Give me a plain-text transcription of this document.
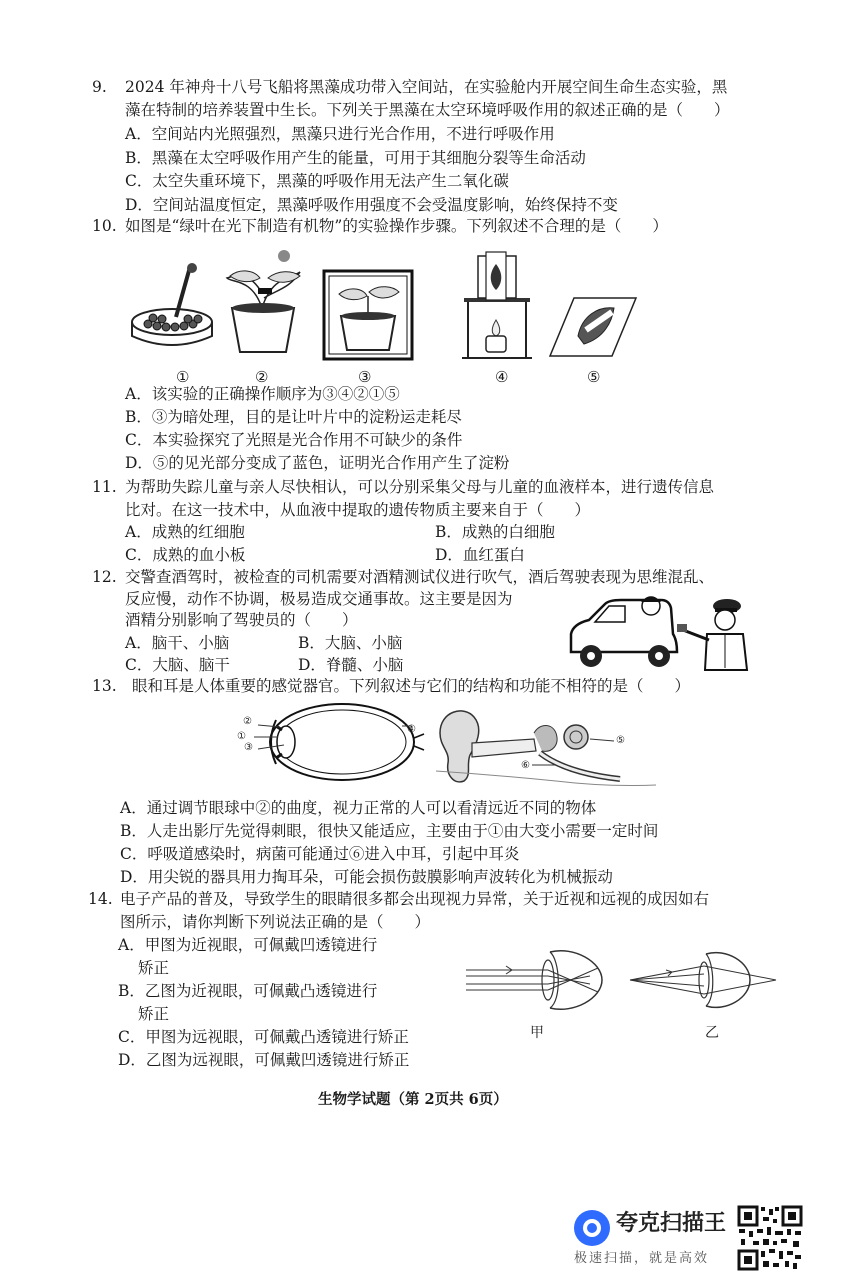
9. 2024 年神舟十八号飞船将黑藻成功带入空间站，在实验舱内开展空间生命生态实验，黑
藻在特制的培养装置中生长。下列关于黑藻在太空环境呼吸作用的叙述正确的是（　　）
A．空间站内光照强烈，黑藻只进行光合作用，不进行呼吸作用
B．黑藻在太空呼吸作用产生的能量，可用于其细胞分裂等生命活动
C．太空失重环境下，黑藻的呼吸作用无法产生二氧化碳
D．空间站温度恒定，黑藻呼吸作用强度不会受温度影响，始终保持不变
10. 如图是“绿叶在光下制造有机物”的实验操作步骤。下列叙述不合理的是（　　）
①	②	③	④	⑤
A．该实验的正确操作顺序为③④②①⑤
B．③为暗处理，目的是让叶片中的淀粉运走耗尽
C．本实验探究了光照是光合作用不可缺少的条件
D．⑤的见光部分变成了蓝色，证明光合作用产生了淀粉
11. 为帮助失踪儿童与亲人尽快相认，可以分别采集父母与儿童的血液样本，进行遗传信息
比对。在这一技术中，从血液中提取的遗传物质主要来自于（　　）
A．成熟的红细胞	B．成熟的白细胞
C．成熟的血小板	D．血红蛋白
12. 交警查酒驾时，被检查的司机需要对酒精测试仪进行吹气，酒后驾驶表现为思维混乱、
反应慢，动作不协调，极易造成交通事故。这主要是因为
酒精分别影响了驾驶员的（　　）
A．脑干、小脑	B．大脑、小脑
C．大脑、脑干	D．脊髓、小脑
13. 眼和耳是人体重要的感觉器官。下列叙述与它们的结构和功能不相符的是（　　）
②
①
③
④
⑤
⑥
A．通过调节眼球中②的曲度，视力正常的人可以看清远近不同的物体
B．人走出影厅先觉得刺眼，很快又能适应，主要由于①由大变小需要一定时间
C．呼吸道感染时，病菌可能通过⑥进入中耳，引起中耳炎
D．用尖锐的器具用力掏耳朵，可能会损伤鼓膜影响声波转化为机械振动
14. 电子产品的普及，导致学生的眼睛很多都会出现视力异常，关于近视和远视的成因如右
图所示，请你判断下列说法正确的是（　　）
A．甲图为近视眼，可佩戴凹透镜进行
矫正
B．乙图为近视眼，可佩戴凸透镜进行
矫正
C．甲图为远视眼，可佩戴凸透镜进行矫正
D．乙图为远视眼，可佩戴凹透镜进行矫正
甲	乙
生物学试题（第 2页共 6页）
夸克扫描王
极速扫描，就是高效
